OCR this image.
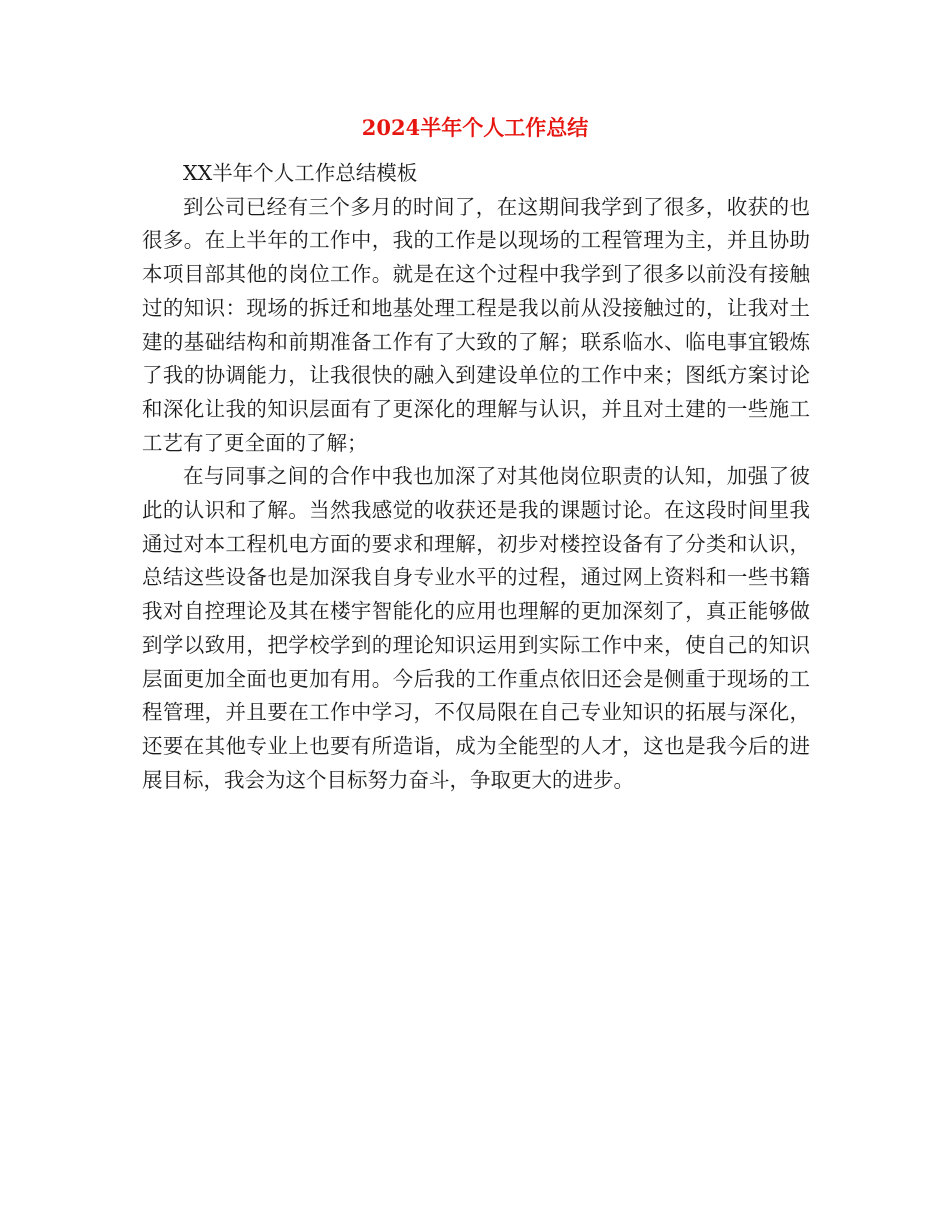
2024半年个人工作总结

XX半年个人工作总结模板

到公司已经有三个多月的时间了，在这期间我学到了很多，收获的也很多。在上半年的工作中，我的工作是以现场的工程管理为主，并且协助本项目部其他的岗位工作。就是在这个过程中我学到了很多以前没有接触过的知识：现场的拆迁和地基处理工程是我以前从没接触过的，让我对土建的基础结构和前期准备工作有了大致的了解；联系临水、临电事宜锻炼了我的协调能力，让我很快的融入到建设单位的工作中来；图纸方案讨论和深化让我的知识层面有了更深化的理解与认识，并且对土建的一些施工工艺有了更全面的了解；

在与同事之间的合作中我也加深了对其他岗位职责的认知，加强了彼此的认识和了解。当然我感觉的收获还是我的课题讨论。在这段时间里我通过对本工程机电方面的要求和理解，初步对楼控设备有了分类和认识，总结这些设备也是加深我自身专业水平的过程，通过网上资料和一些书籍我对自控理论及其在楼宇智能化的应用也理解的更加深刻了，真正能够做到学以致用，把学校学到的理论知识运用到实际工作中来，使自己的知识层面更加全面也更加有用。今后我的工作重点依旧还会是侧重于现场的工程管理，并且要在工作中学习，不仅局限在自己专业知识的拓展与深化，还要在其他专业上也要有所造诣，成为全能型的人才，这也是我今后的进展目标，我会为这个目标努力奋斗，争取更大的进步。
